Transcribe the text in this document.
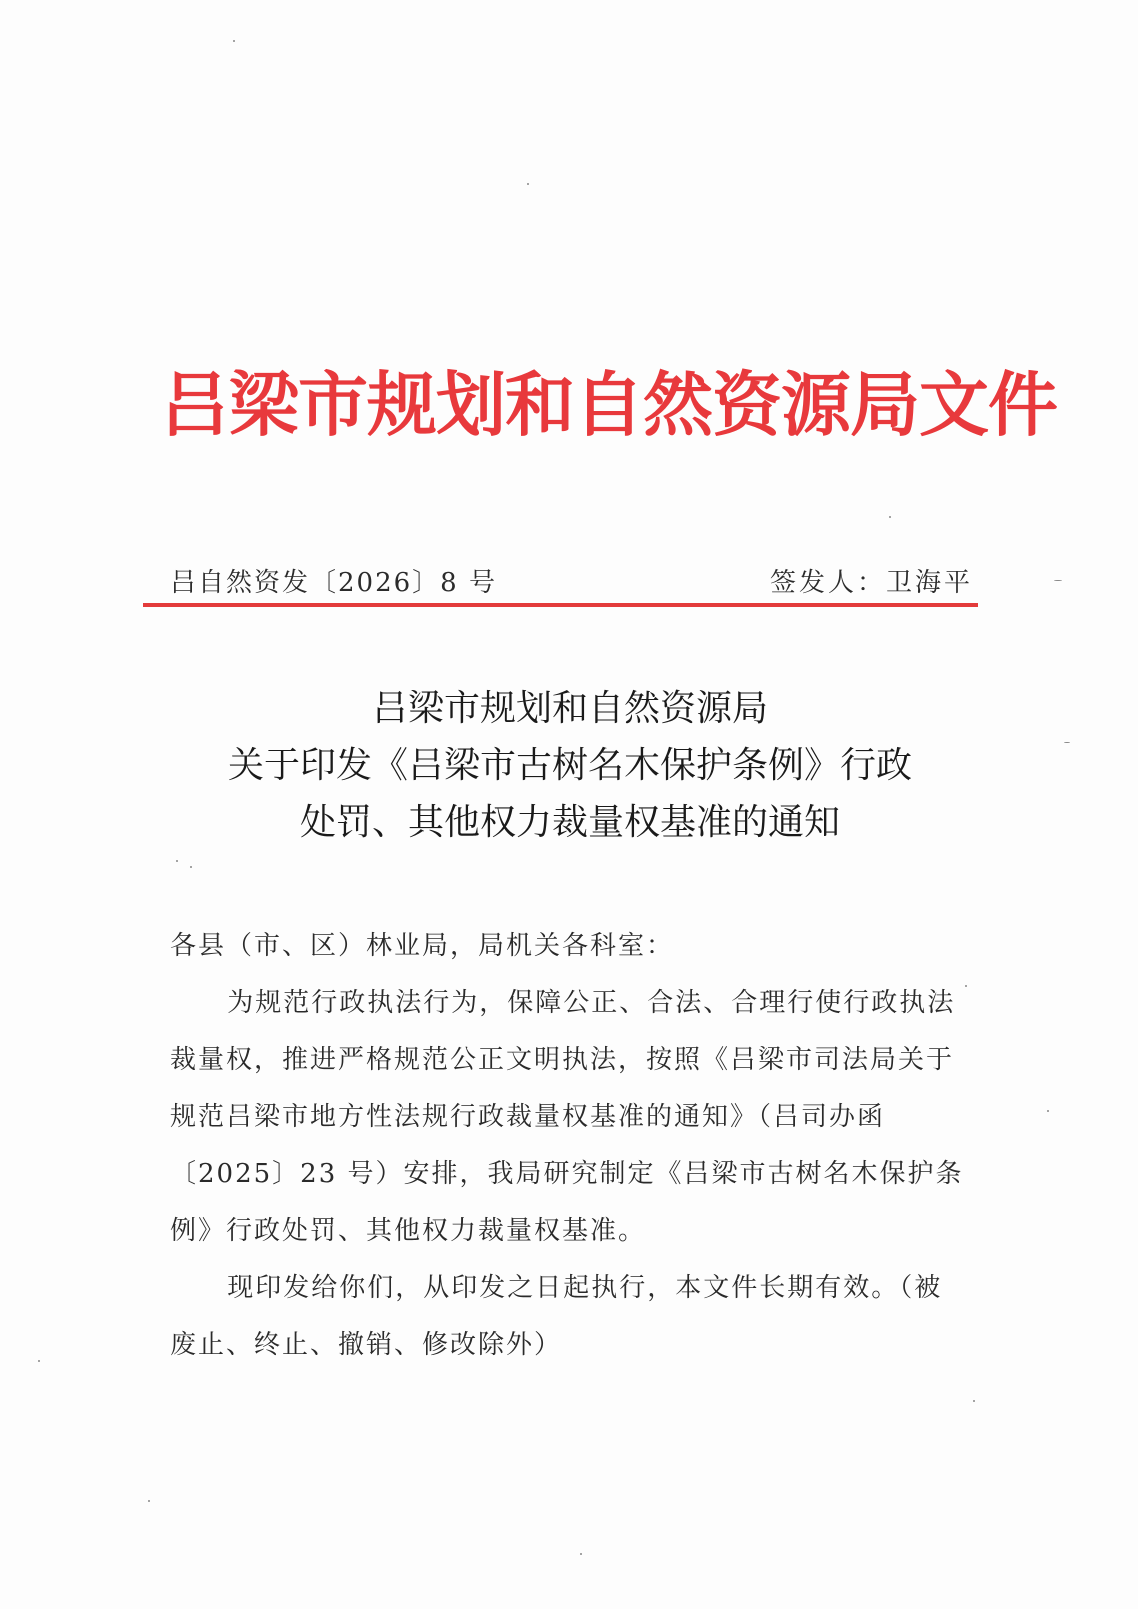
吕梁市规划和自然资源局文件
吕自然资发〔2026〕8 号	签发人：卫海平
吕梁市规划和自然资源局
关于印发《吕梁市古树名木保护条例》行政
处罚、其他权力裁量权基准的通知

各县（市、区）林业局，局机关各科室：

为规范行政执法行为，保障公正、合法、合理行使行政执法裁量权，推进严格规范公正文明执法，按照《吕梁市司法局关于规范吕梁市地方性法规行政裁量权基准的通知》（吕司办函〔2025〕23 号）安排，我局研究制定《吕梁市古树名木保护条例》行政处罚、其他权力裁量权基准。

现印发给你们，从印发之日起执行，本文件长期有效。（被废止、终止、撤销、修改除外）
